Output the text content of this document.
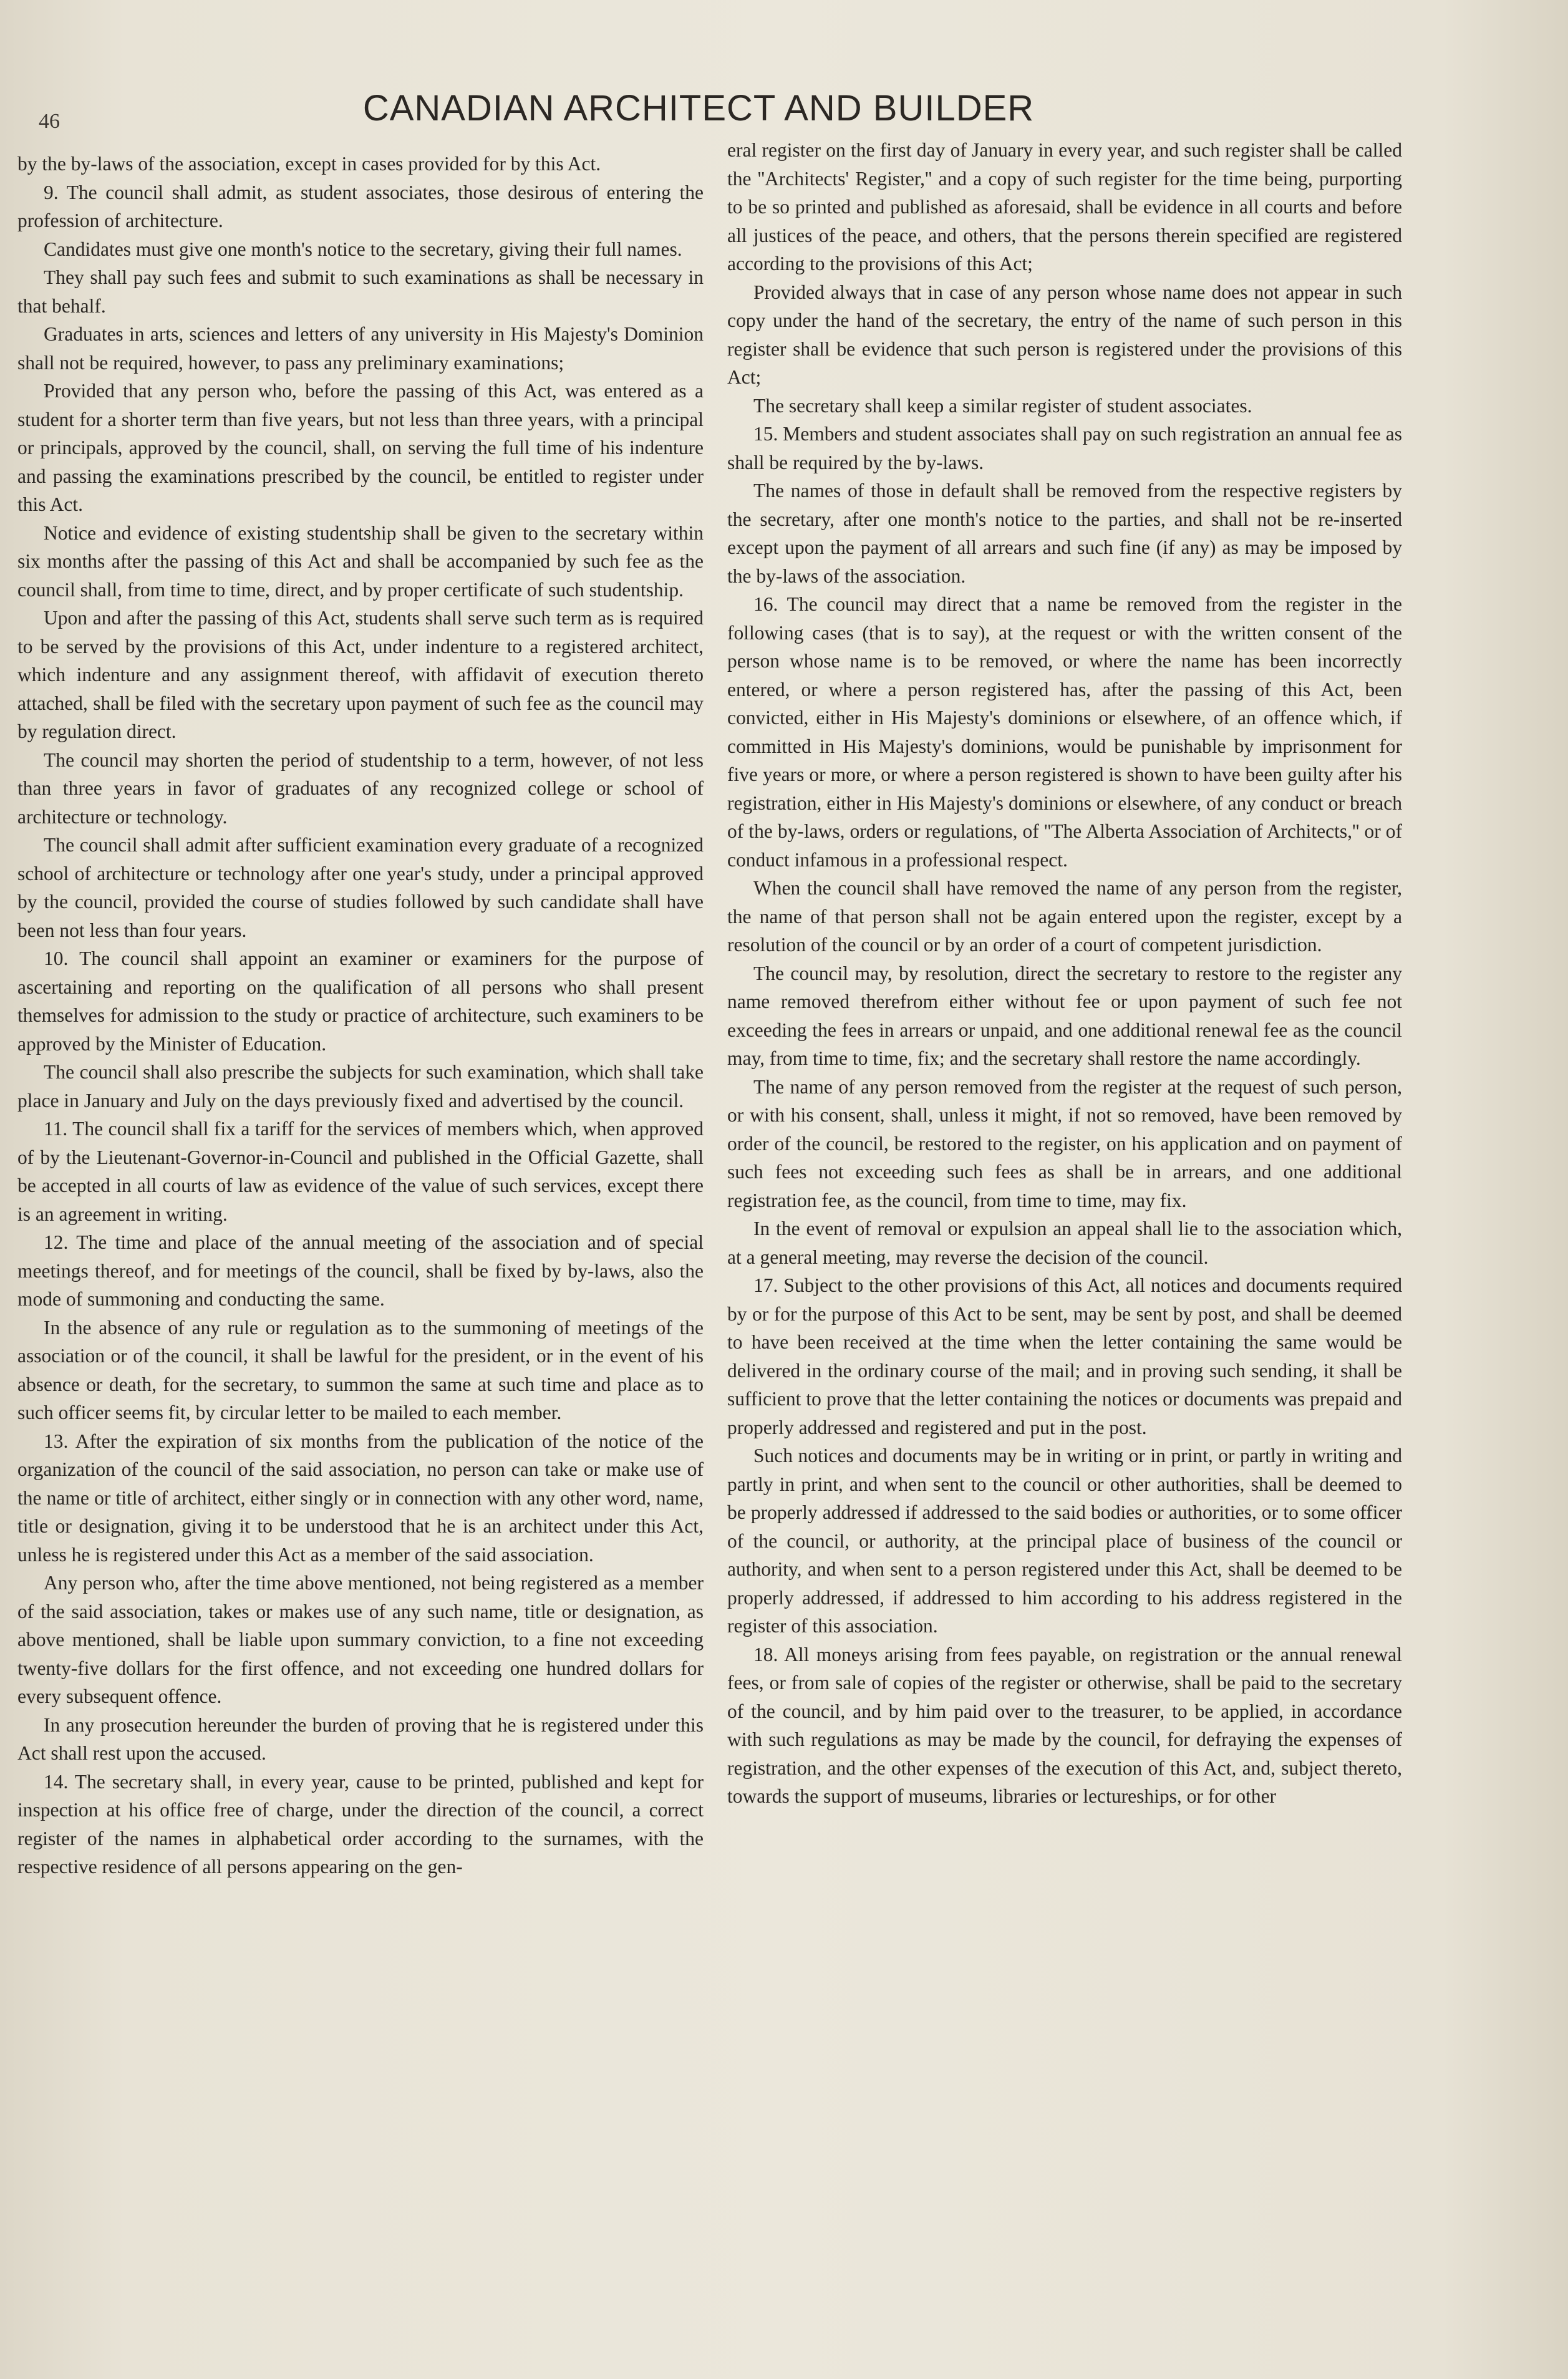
46	CANADIAN ARCHITECT AND BUILDER

by the by-laws of the association, except in cases provided for by this Act.

9. The council shall admit, as student associates, those desirous of entering the profession of architecture.

Candidates must give one month's notice to the secretary, giving their full names.

They shall pay such fees and submit to such examinations as shall be necessary in that behalf.

Graduates in arts, sciences and letters of any university in His Majesty's Dominion shall not be required, however, to pass any preliminary examinations;

Provided that any person who, before the passing of this Act, was entered as a student for a shorter term than five years, but not less than three years, with a principal or principals, approved by the council, shall, on serving the full time of his indenture and passing the examinations prescribed by the council, be entitled to register under this Act.

Notice and evidence of existing studentship shall be given to the secretary within six months after the passing of this Act and shall be accompanied by such fee as the council shall, from time to time, direct, and by proper certificate of such studentship.

Upon and after the passing of this Act, students shall serve such term as is required to be served by the provisions of this Act, under indenture to a registered architect, which indenture and any assignment thereof, with affidavit of execution thereto attached, shall be filed with the secretary upon payment of such fee as the council may by regulation direct.

The council may shorten the period of studentship to a term, however, of not less than three years in favor of graduates of any recognized college or school of architecture or technology.

The council shall admit after sufficient examination every graduate of a recognized school of architecture or technology after one year's study, under a principal approved by the council, provided the course of studies followed by such candidate shall have been not less than four years.

10. The council shall appoint an examiner or examiners for the purpose of ascertaining and reporting on the qualification of all persons who shall present themselves for admission to the study or practice of architecture, such examiners to be approved by the Minister of Education.

The council shall also prescribe the subjects for such examination, which shall take place in January and July on the days previously fixed and advertised by the council.

11. The council shall fix a tariff for the services of members which, when approved of by the Lieutenant-Governor-in-Council and published in the Official Gazette, shall be accepted in all courts of law as evidence of the value of such services, except there is an agreement in writing.

12. The time and place of the annual meeting of the association and of special meetings thereof, and for meetings of the council, shall be fixed by by-laws, also the mode of summoning and conducting the same.

In the absence of any rule or regulation as to the summoning of meetings of the association or of the council, it shall be lawful for the president, or in the event of his absence or death, for the secretary, to summon the same at such time and place as to such officer seems fit, by circular letter to be mailed to each member.

13. After the expiration of six months from the publication of the notice of the organization of the council of the said association, no person can take or make use of the name or title of architect, either singly or in connection with any other word, name, title or designation, giving it to be understood that he is an architect under this Act, unless he is registered under this Act as a member of the said association.

Any person who, after the time above mentioned, not being registered as a member of the said association, takes or makes use of any such name, title or designation, as above mentioned, shall be liable upon summary conviction, to a fine not exceeding twenty-five dollars for the first offence, and not exceeding one hundred dollars for every subsequent offence.

In any prosecution hereunder the burden of proving that he is registered under this Act shall rest upon the accused.

14. The secretary shall, in every year, cause to be printed, published and kept for inspection at his office free of charge, under the direction of the council, a correct register of the names in alphabetical order according to the surnames, with the respective residence of all persons appearing on the gen-

eral register on the first day of January in every year, and such register shall be called the ''Architects' Register,'' and a copy of such register for the time being, purporting to be so printed and published as aforesaid, shall be evidence in all courts and before all justices of the peace, and others, that the persons therein specified are registered according to the provisions of this Act;

Provided always that in case of any person whose name does not appear in such copy under the hand of the secretary, the entry of the name of such person in this register shall be evidence that such person is registered under the provisions of this Act;

The secretary shall keep a similar register of student associates.

15. Members and student associates shall pay on such registration an annual fee as shall be required by the by-laws.

The names of those in default shall be removed from the respective registers by the secretary, after one month's notice to the parties, and shall not be re-inserted except upon the payment of all arrears and such fine (if any) as may be imposed by the by-laws of the association.

16. The council may direct that a name be removed from the register in the following cases (that is to say), at the request or with the written consent of the person whose name is to be removed, or where the name has been incorrectly entered, or where a person registered has, after the passing of this Act, been convicted, either in His Majesty's dominions or elsewhere, of an offence which, if committed in His Majesty's dominions, would be punishable by imprisonment for five years or more, or where a person registered is shown to have been guilty after his registration, either in His Majesty's dominions or elsewhere, of any conduct or breach of the by-laws, orders or regulations, of ''The Alberta Association of Architects,'' or of conduct infamous in a professional respect.

When the council shall have removed the name of any person from the register, the name of that person shall not be again entered upon the register, except by a resolution of the council or by an order of a court of competent jurisdiction.

The council may, by resolution, direct the secretary to restore to the register any name removed therefrom either without fee or upon payment of such fee not exceeding the fees in arrears or unpaid, and one additional renewal fee as the council may, from time to time, fix; and the secretary shall restore the name accordingly.

The name of any person removed from the register at the request of such person, or with his consent, shall, unless it might, if not so removed, have been removed by order of the council, be restored to the register, on his application and on payment of such fees not exceeding such fees as shall be in arrears, and one additional registration fee, as the council, from time to time, may fix.

In the event of removal or expulsion an appeal shall lie to the association which, at a general meeting, may reverse the decision of the council.

17. Subject to the other provisions of this Act, all notices and documents required by or for the purpose of this Act to be sent, may be sent by post, and shall be deemed to have been received at the time when the letter containing the same would be delivered in the ordinary course of the mail; and in proving such sending, it shall be sufficient to prove that the letter containing the notices or documents was prepaid and properly addressed and registered and put in the post.

Such notices and documents may be in writing or in print, or partly in writing and partly in print, and when sent to the council or other authorities, shall be deemed to be properly addressed if addressed to the said bodies or authorities, or to some officer of the council, or authority, at the principal place of business of the council or authority, and when sent to a person registered under this Act, shall be deemed to be properly addressed, if addressed to him according to his address registered in the register of this association.

18. All moneys arising from fees payable, on registration or the annual renewal fees, or from sale of copies of the register or otherwise, shall be paid to the secretary of the council, and by him paid over to the treasurer, to be applied, in accordance with such regulations as may be made by the council, for defraying the expenses of registration, and the other expenses of the execution of this Act, and, subject thereto, towards the support of museums, libraries or lectureships, or for other
